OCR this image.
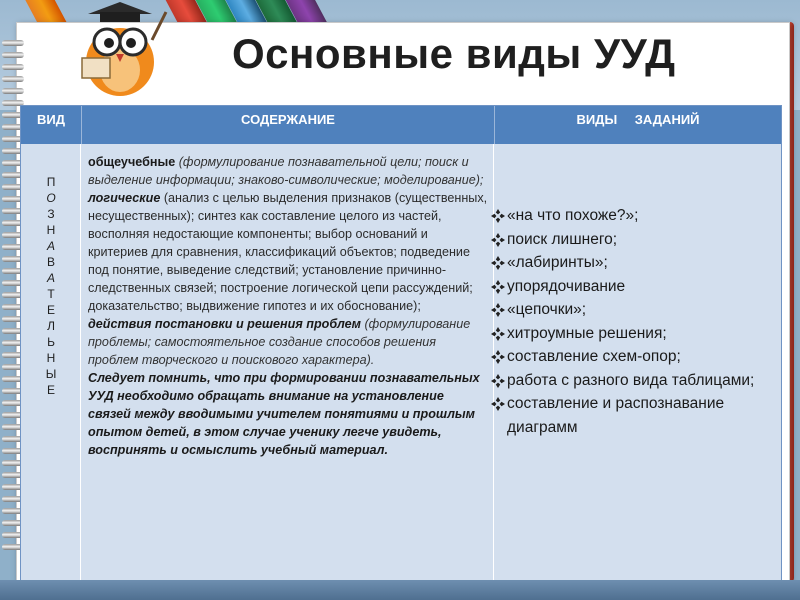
Основные виды УУД
ВИД	СОДЕРЖАНИЕ	ВИДЫ ЗАДАНИЙ
П
О
З
Н
А
В
А
Т
Е
Л
Ь
Н
Ы
Е
общеучебные (формулирование познавательной цели; поиск и выделение информации; знаково-символические; моделирование);
логические (анализ с целью выделения признаков (существенных, несущественных); синтез как составление целого из частей, восполняя недостающие компоненты; выбор оснований и критериев для сравнения, классификаций объектов; подведение под понятие, выведение следствий; установление причинно-следственных связей; построение логической цепи рассуждений; доказательство; выдвижение гипотез и их обоснование);
действия постановки и решения проблем (формулирование проблемы; самостоятельное создание способов решения проблем творческого и поискового характера).
Следует помнить, что при формировании познавательных УУД необходимо обращать внимание на установление связей между вводимыми учителем понятиями и прошлым опытом детей, в этом случае ученику легче увидеть, воспринять и осмыслить учебный материал.
«на что похоже?»;
поиск лишнего;
«лабиринты»;
упорядочивание
«цепочки»;
хитроумные решения;
составление схем-опор;
работа с разного вида таблицами;
составление и распознавание диаграмм
